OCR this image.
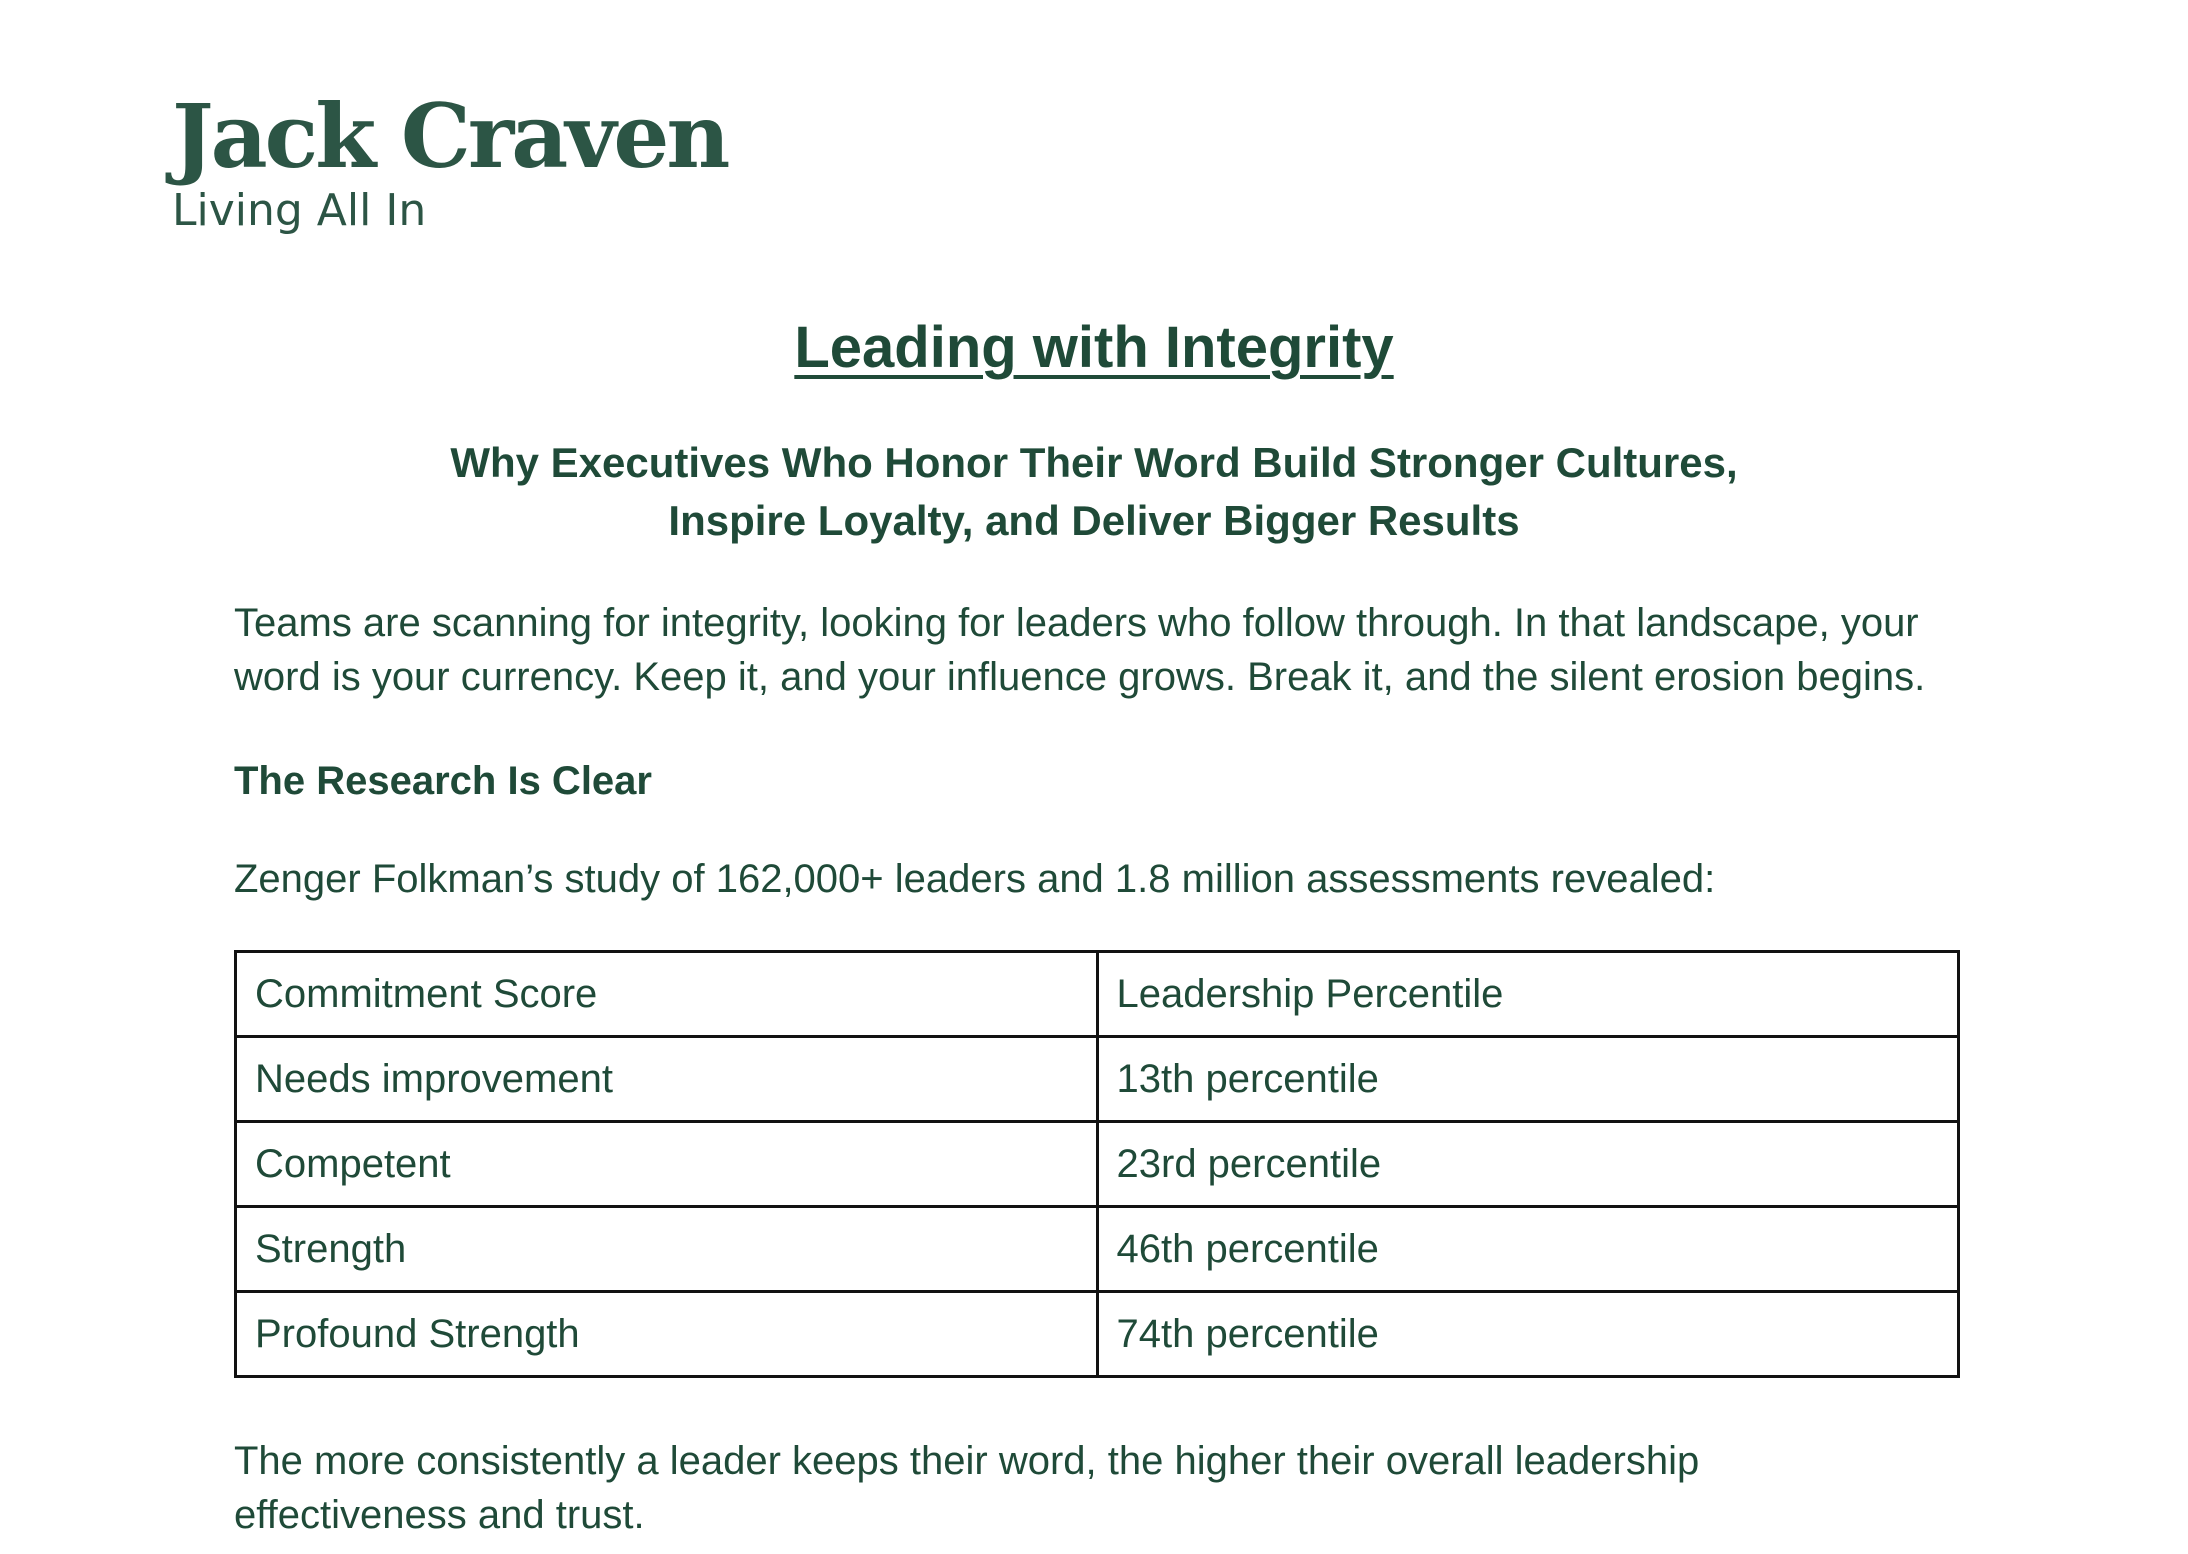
Jack Craven
Living All In
Leading with Integrity
Why Executives Who Honor Their Word Build Stronger Cultures,
Inspire Loyalty, and Deliver Bigger Results
Teams are scanning for integrity, looking for leaders who follow through. In that landscape, your word is your currency. Keep it, and your influence grows. Break it, and the silent erosion begins.
The Research Is Clear
Zenger Folkman’s study of 162,000+ leaders and 1.8 million assessments revealed:
Commitment Score	Leadership Percentile
Needs improvement	13th percentile
Competent	23rd percentile
Strength	46th percentile
Profound Strength	74th percentile
The more consistently a leader keeps their word, the higher their overall leadership effectiveness and trust.
